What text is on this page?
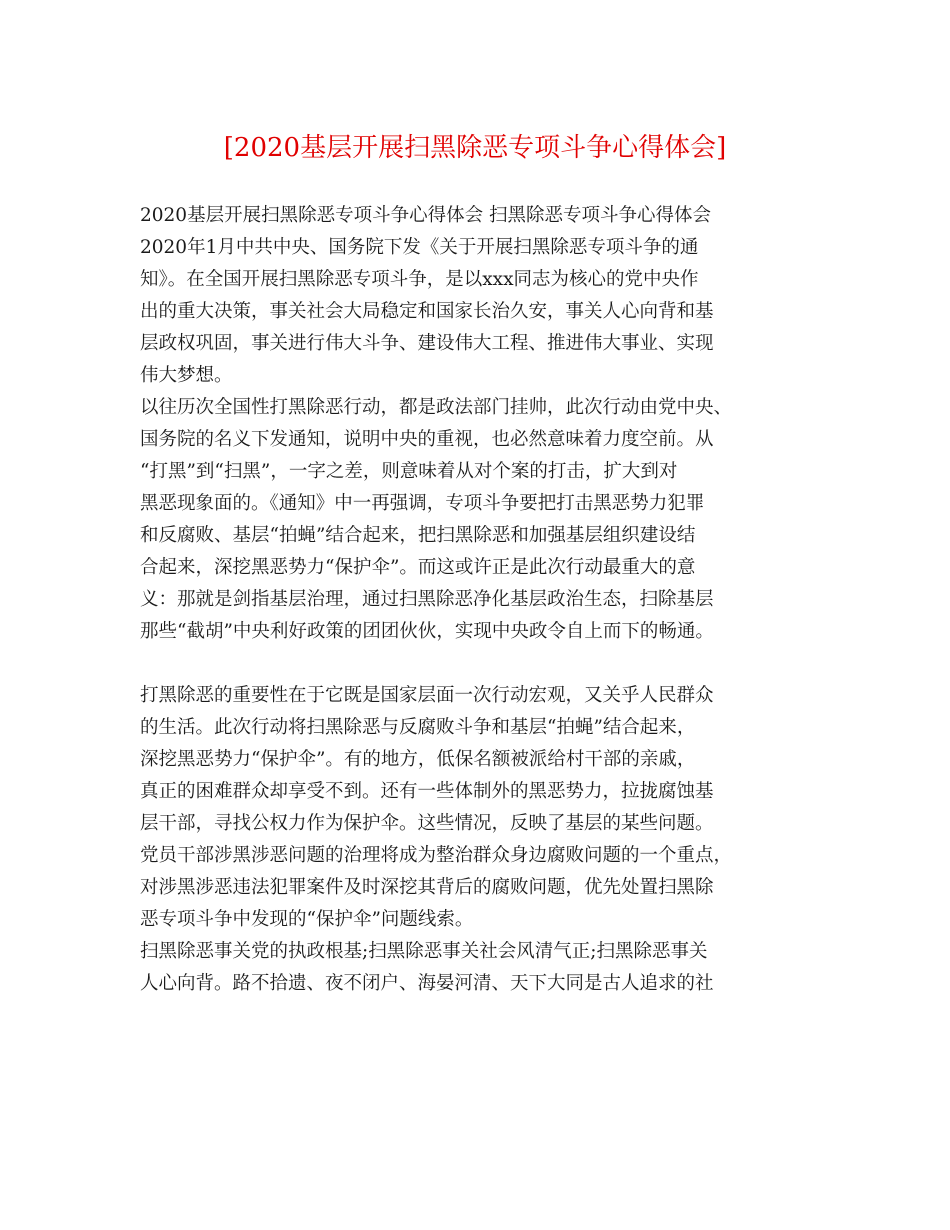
[2020基层开展扫黑除恶专项斗争心得体会]
2020基层开展扫黑除恶专项斗争心得体会 扫黑除恶专项斗争心得体会
2020年1月中共中央、国务院下发《关于开展扫黑除恶专项斗争的通
知》。在全国开展扫黑除恶专项斗争，是以xxx同志为核心的党中央作
出的重大决策，事关社会大局稳定和国家长治久安，事关人心向背和基
层政权巩固，事关进行伟大斗争、建设伟大工程、推进伟大事业、实现
伟大梦想。
以往历次全国性打黑除恶行动，都是政法部门挂帅，此次行动由党中央、
国务院的名义下发通知，说明中央的重视，也必然意味着力度空前。从
“打黑”到“扫黑”，一字之差，则意味着从对个案的打击，扩大到对
黑恶现象面的。《通知》中一再强调，专项斗争要把打击黑恶势力犯罪
和反腐败、基层“拍蝇”结合起来，把扫黑除恶和加强基层组织建设结
合起来，深挖黑恶势力“保护伞”。而这或许正是此次行动最重大的意
义：那就是剑指基层治理，通过扫黑除恶净化基层政治生态，扫除基层
那些“截胡”中央利好政策的团团伙伙，实现中央政令自上而下的畅通。
打黑除恶的重要性在于它既是国家层面一次行动宏观，又关乎人民群众
的生活。此次行动将扫黑除恶与反腐败斗争和基层“拍蝇”结合起来，
深挖黑恶势力“保护伞”。有的地方，低保名额被派给村干部的亲戚，
真正的困难群众却享受不到。还有一些体制外的黑恶势力，拉拢腐蚀基
层干部，寻找公权力作为保护伞。这些情况，反映了基层的某些问题。
党员干部涉黑涉恶问题的治理将成为整治群众身边腐败问题的一个重点，
对涉黑涉恶违法犯罪案件及时深挖其背后的腐败问题，优先处置扫黑除
恶专项斗争中发现的“保护伞”问题线索。
扫黑除恶事关党的执政根基;扫黑除恶事关社会风清气正;扫黑除恶事关
人心向背。路不拾遗、夜不闭户、海晏河清、天下大同是古人追求的社
